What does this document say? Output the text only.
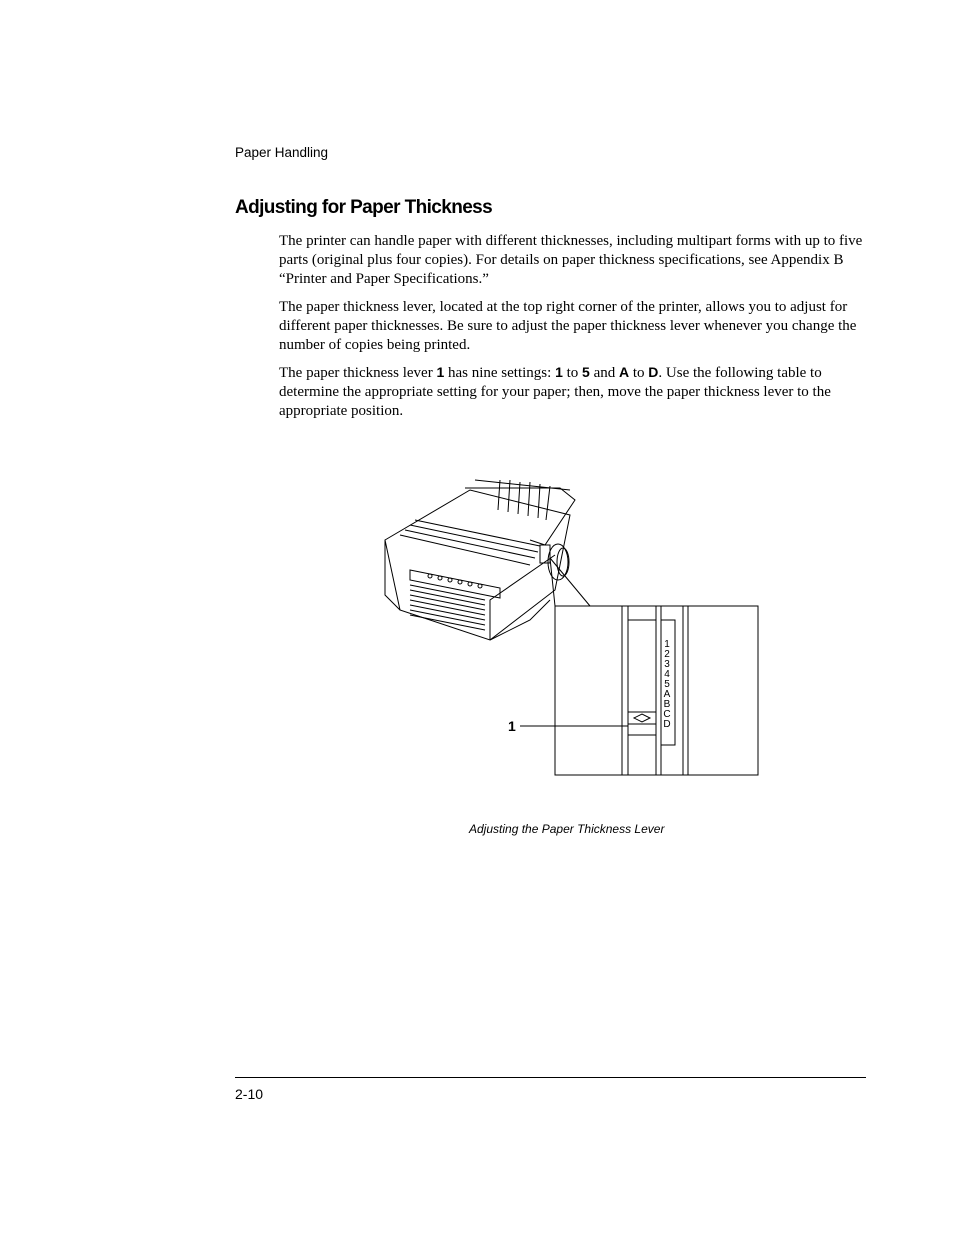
Paper Handling
Adjusting for Paper Thickness

The printer can handle paper with different thicknesses, including multipart forms with up to five parts (original plus four copies). For details on paper thickness specifications, see Appendix B “Printer and Paper Specifications.”

The paper thickness lever, located at the top right corner of the printer, allows you to adjust for different paper thicknesses. Be sure to adjust the paper thickness lever whenever you change the number of copies being printed.

The paper thickness lever 1 has nine settings: 1 to 5 and A to D. Use the following table to determine the appropriate setting for your paper; then, move the paper thickness lever to the appropriate position.

1
2
3
4
5
A
B
C
D
1
Adjusting the Paper Thickness Lever
2-10
